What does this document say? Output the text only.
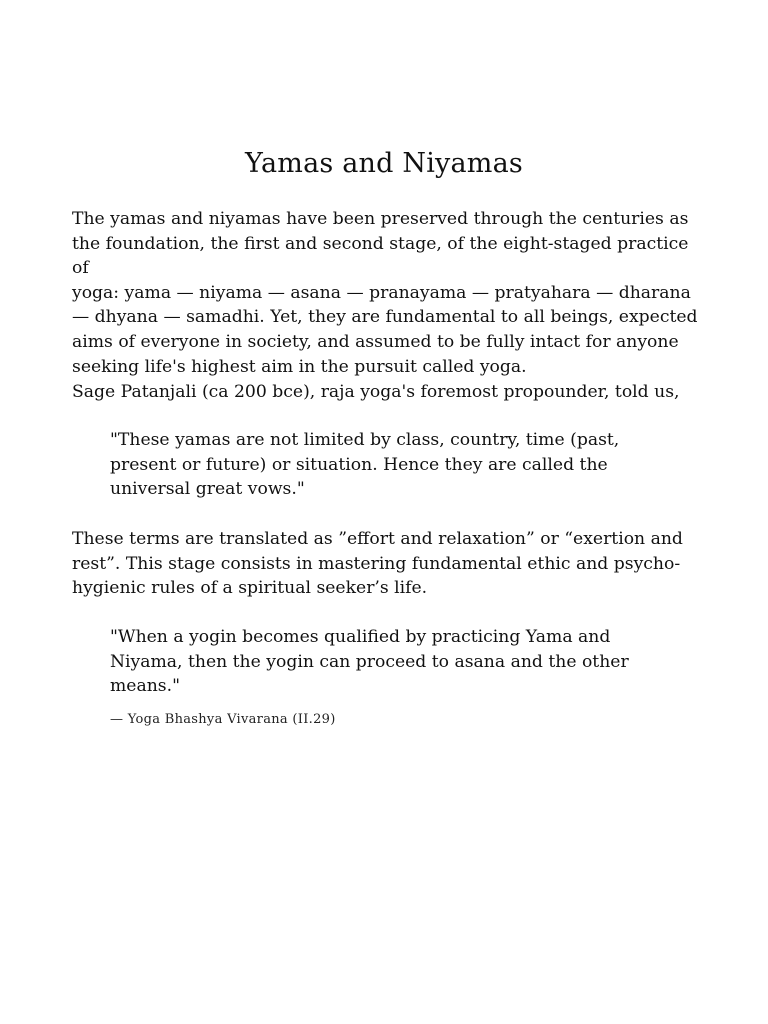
Yamas and Niyamas

The yamas and niyamas have been preserved through the centuries as
the foundation, the first and second stage, of the eight-staged practice of
yoga: yama — niyama — asana — pranayama — pratyahara — dharana
— dhyana — samadhi. Yet, they are fundamental to all beings, expected
aims of everyone in society, and assumed to be fully intact for anyone
seeking life's highest aim in the pursuit called yoga.

Sage Patanjali (ca 200 bce), raja yoga's foremost propounder, told us,

"These yamas are not limited by class, country, time (past,
present or future) or situation. Hence they are called the
universal great vows."

These terms are translated as ”effort and relaxation” or “exertion and
rest”. This stage consists in mastering fundamental ethic and psycho-
hygienic rules of a spiritual seeker’s life.

"When a yogin becomes qualified by practicing Yama and
Niyama, then the yogin can proceed to asana and the other
means."

— Yoga Bhashya Vivarana (II.29)
